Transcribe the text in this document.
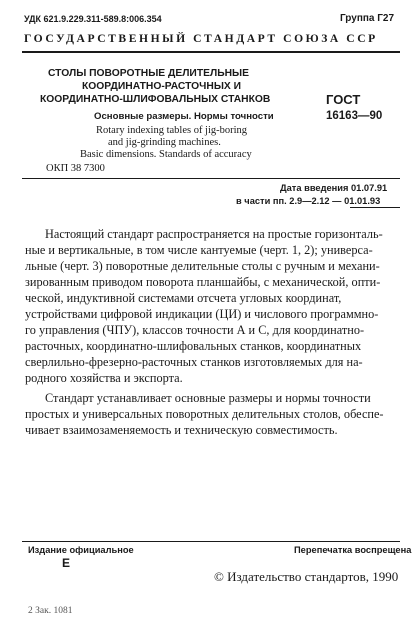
УДК 621.9.229.311-589.8:006.354	Группа Г27
ГОСУДАРСТВЕННЫЙ СТАНДАРТ СОЮЗА ССР
СТОЛЫ ПОВОРОТНЫЕ ДЕЛИТЕЛЬНЫЕ
КООРДИНАТНО-РАСТОЧНЫХ И
КООРДИНАТНО-ШЛИФОВАЛЬНЫХ СТАНКОВ	ГОСТ
16163—90
Основные размеры. Нормы точности
Rotary indexing tables of jig-boring
and jig-grinding machines.
Basic dimensions. Standards of accuracy
ОКП 38 7300
Дата введения 01.07.91
в части пп. 2.9—2.12 — 01.01.93
Настоящий стандарт распространяется на простые горизонталь-
ные и вертикальные, в том числе кантуемые (черт. 1, 2); универса-
льные (черт. 3) поворотные делительные столы с ручным и механи-
зированным приводом поворота планшайбы, с механической, опти-
ческой, индуктивной системами отсчета угловых координат,
устройствами цифровой индикации (ЦИ) и числового программно-
го управления (ЧПУ), классов точности А и С, для координатно-
расточных, координатно-шлифовальных станков, координатных
сверлильно-фрезерно-расточных станков изготовляемых для на-
родного хозяйства и экспорта.
Стандарт устанавливает основные размеры и нормы точности
простых и универсальных поворотных делительных столов, обеспе-
чивает взаимозаменяемость и техническую совместимость.
Издание официальное	Перепечатка воспрещена
Е
© Издательство стандартов, 1990
2 Зак. 1081
